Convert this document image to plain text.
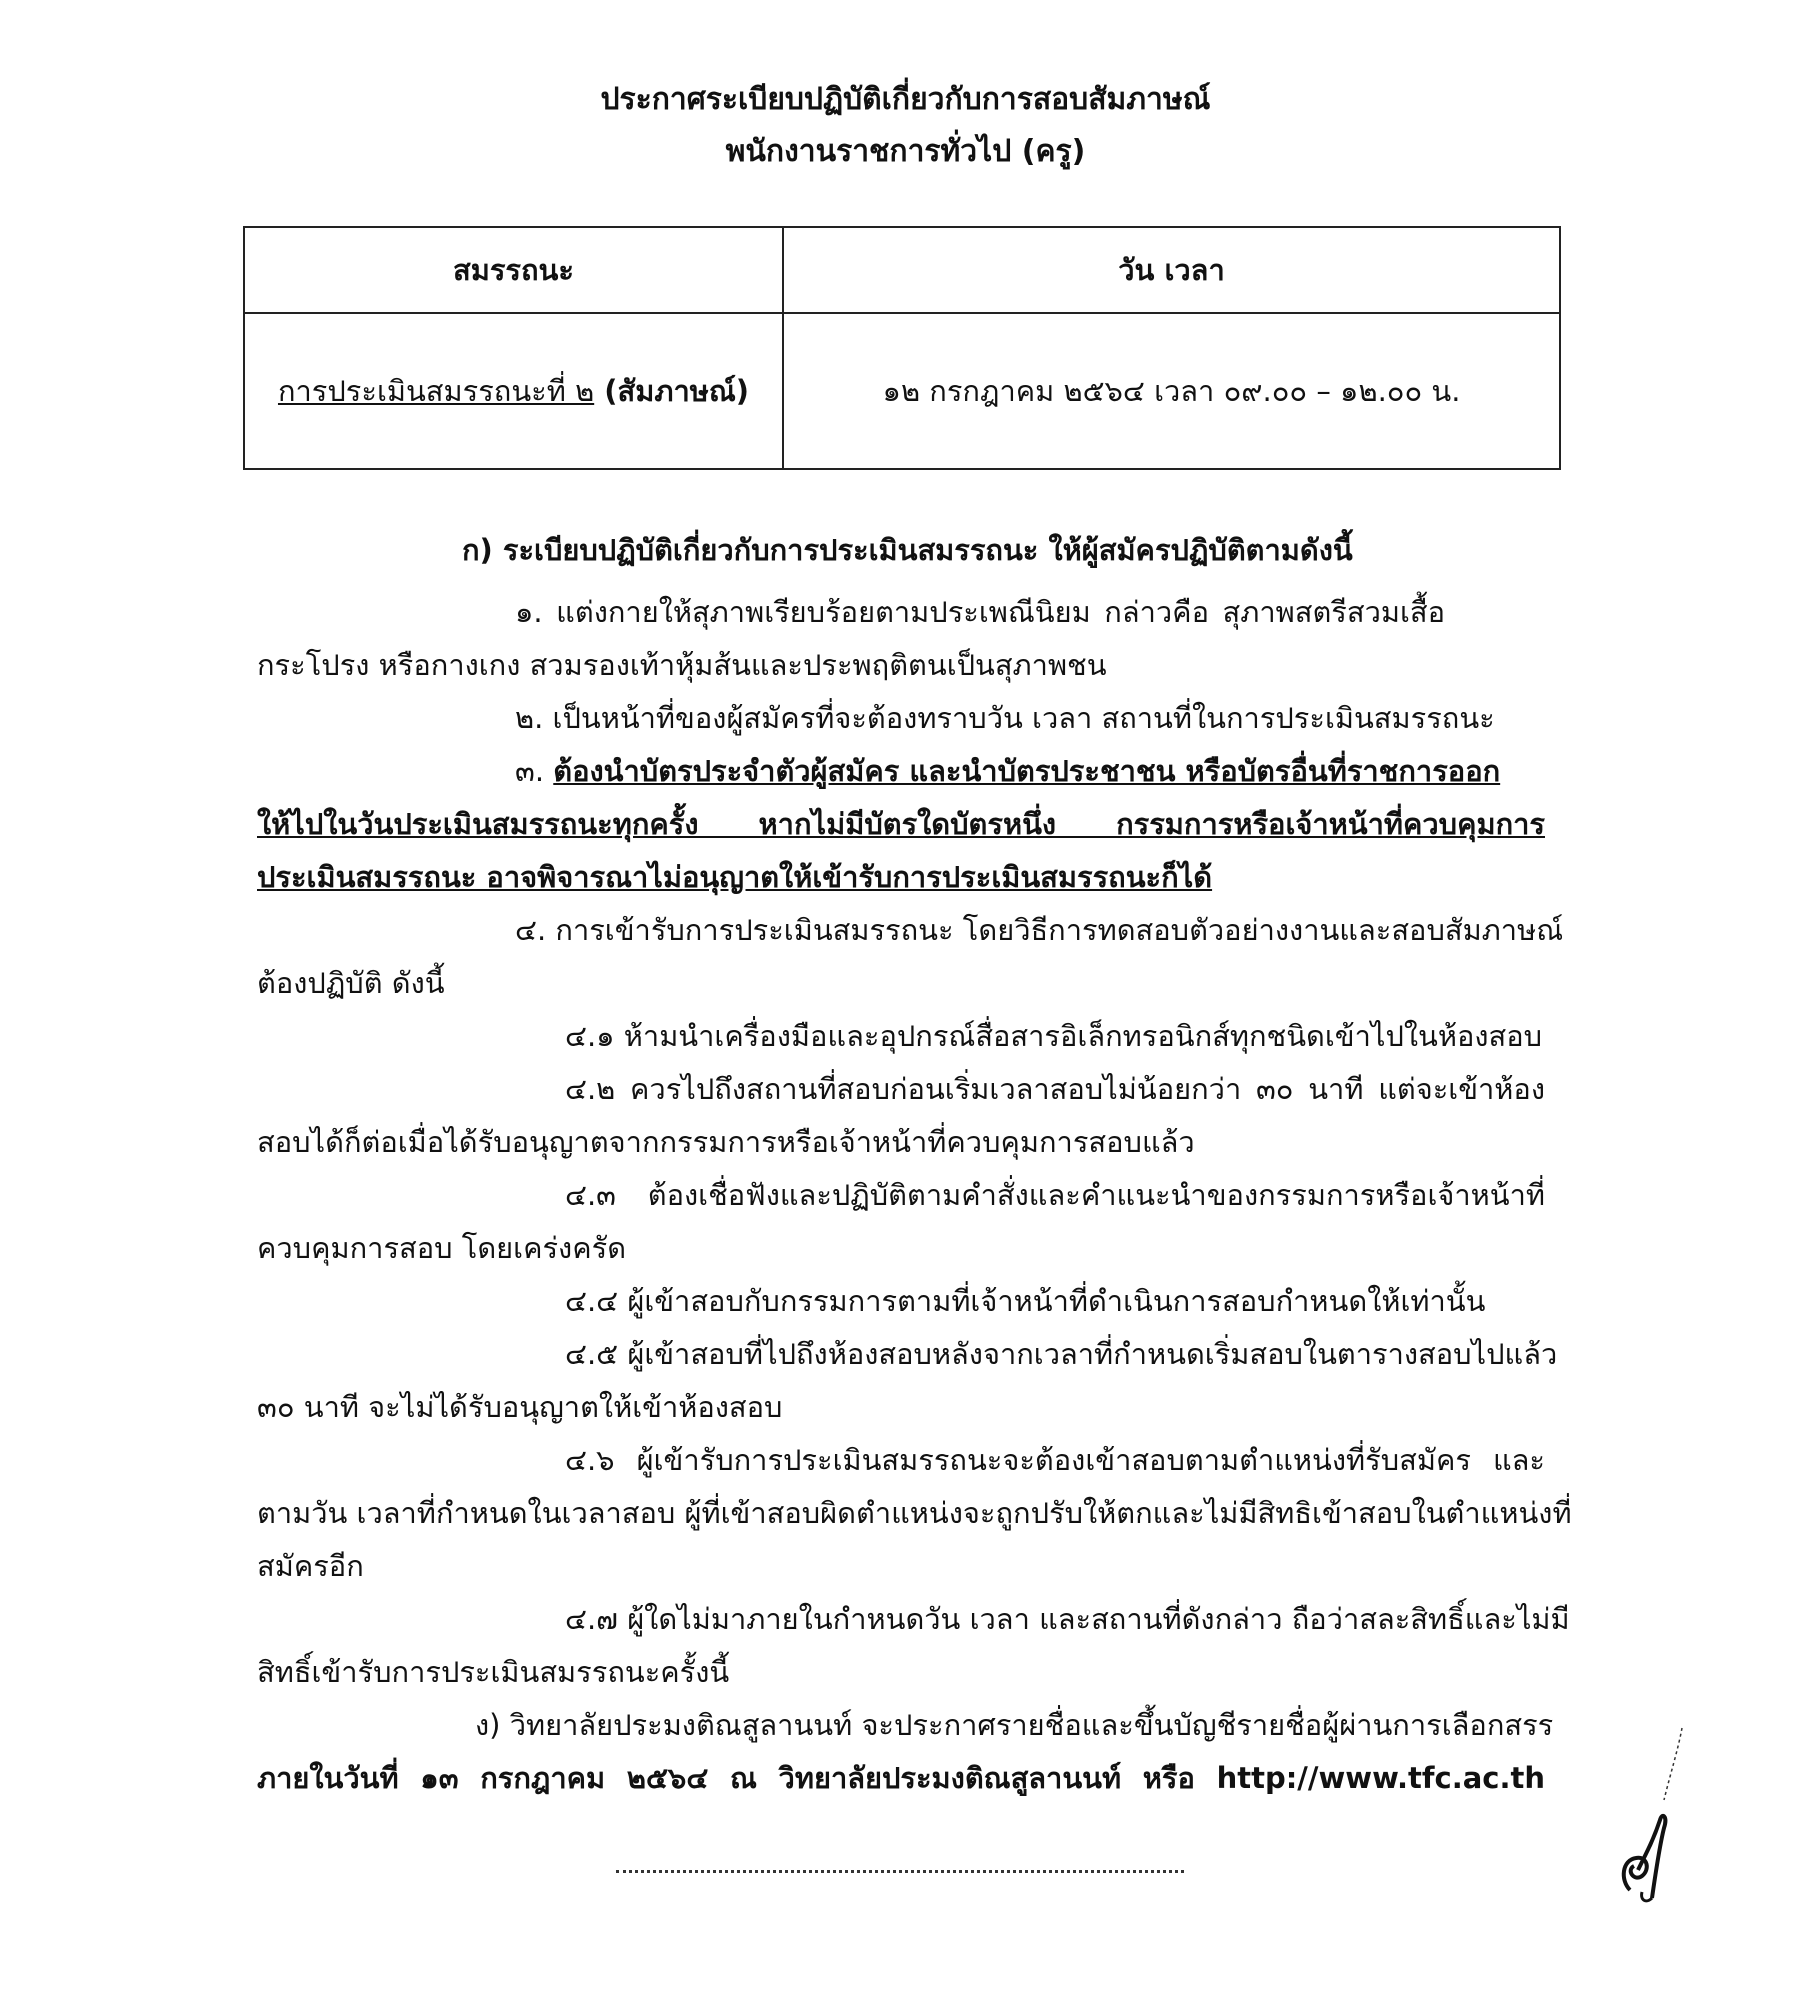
ประกาศระเบียบปฏิบัติเกี่ยวกับการสอบสัมภาษณ์
พนักงานราชการทั่วไป (ครู)
สมรรถนะ	วัน เวลา
การประเมินสมรรถนะที่ ๒ (สัมภาษณ์)	๑๒ กรกฎาคม ๒๕๖๔ เวลา ๐๙.๐๐ – ๑๒.๐๐ น.
ก) ระเบียบปฏิบัติเกี่ยวกับการประเมินสมรรถนะ ให้ผู้สมัครปฏิบัติตามดังนี้
๑. แต่งกายให้สุภาพเรียบร้อยตามประเพณีนิยม กล่าวคือ สุภาพสตรีสวมเสื้อ
กระโปรง หรือกางเกง สวมรองเท้าหุ้มส้นและประพฤติตนเป็นสุภาพชน
๒. เป็นหน้าที่ของผู้สมัครที่จะต้องทราบวัน เวลา สถานที่ในการประเมินสมรรถนะ
๓. ต้องนำบัตรประจำตัวผู้สมัคร และนำบัตรประชาชน หรือบัตรอื่นที่ราชการออก
ให้ไปในวันประเมินสมรรถนะทุกครั้ง หากไม่มีบัตรใดบัตรหนึ่ง กรรมการหรือเจ้าหน้าที่ควบคุมการ
ประเมินสมรรถนะ อาจพิจารณาไม่อนุญาตให้เข้ารับการประเมินสมรรถนะก็ได้
๔. การเข้ารับการประเมินสมรรถนะ โดยวิธีการทดสอบตัวอย่างงานและสอบสัมภาษณ์
ต้องปฏิบัติ ดังนี้
๔.๑ ห้ามนำเครื่องมือและอุปกรณ์สื่อสารอิเล็กทรอนิกส์ทุกชนิดเข้าไปในห้องสอบ
๔.๒ ควรไปถึงสถานที่สอบก่อนเริ่มเวลาสอบไม่น้อยกว่า ๓๐ นาที แต่จะเข้าห้อง
สอบได้ก็ต่อเมื่อได้รับอนุญาตจากกรรมการหรือเจ้าหน้าที่ควบคุมการสอบแล้ว
๔.๓ ต้องเชื่อฟังและปฏิบัติตามคำสั่งและคำแนะนำของกรรมการหรือเจ้าหน้าที่
ควบคุมการสอบ โดยเคร่งครัด
๔.๔ ผู้เข้าสอบกับกรรมการตามที่เจ้าหน้าที่ดำเนินการสอบกำหนดให้เท่านั้น
๔.๕ ผู้เข้าสอบที่ไปถึงห้องสอบหลังจากเวลาที่กำหนดเริ่มสอบในตารางสอบไปแล้ว
๓๐ นาที จะไม่ได้รับอนุญาตให้เข้าห้องสอบ
๔.๖ ผู้เข้ารับการประเมินสมรรถนะจะต้องเข้าสอบตามตำแหน่งที่รับสมัคร และ
ตามวัน เวลาที่กำหนดในเวลาสอบ ผู้ที่เข้าสอบผิดตำแหน่งจะถูกปรับให้ตกและไม่มีสิทธิเข้าสอบในตำแหน่งที่
สมัครอีก
๔.๗ ผู้ใดไม่มาภายในกำหนดวัน เวลา และสถานที่ดังกล่าว ถือว่าสละสิทธิ์และไม่มี
สิทธิ์เข้ารับการประเมินสมรรถนะครั้งนี้
ง) วิทยาลัยประมงติณสูลานนท์ จะประกาศรายชื่อและขึ้นบัญชีรายชื่อผู้ผ่านการเลือกสรร
ภายในวันที่ ๑๓ กรกฎาคม ๒๕๖๔ ณ วิทยาลัยประมงติณสูลานนท์ หรือ http://www.tfc.ac.th
